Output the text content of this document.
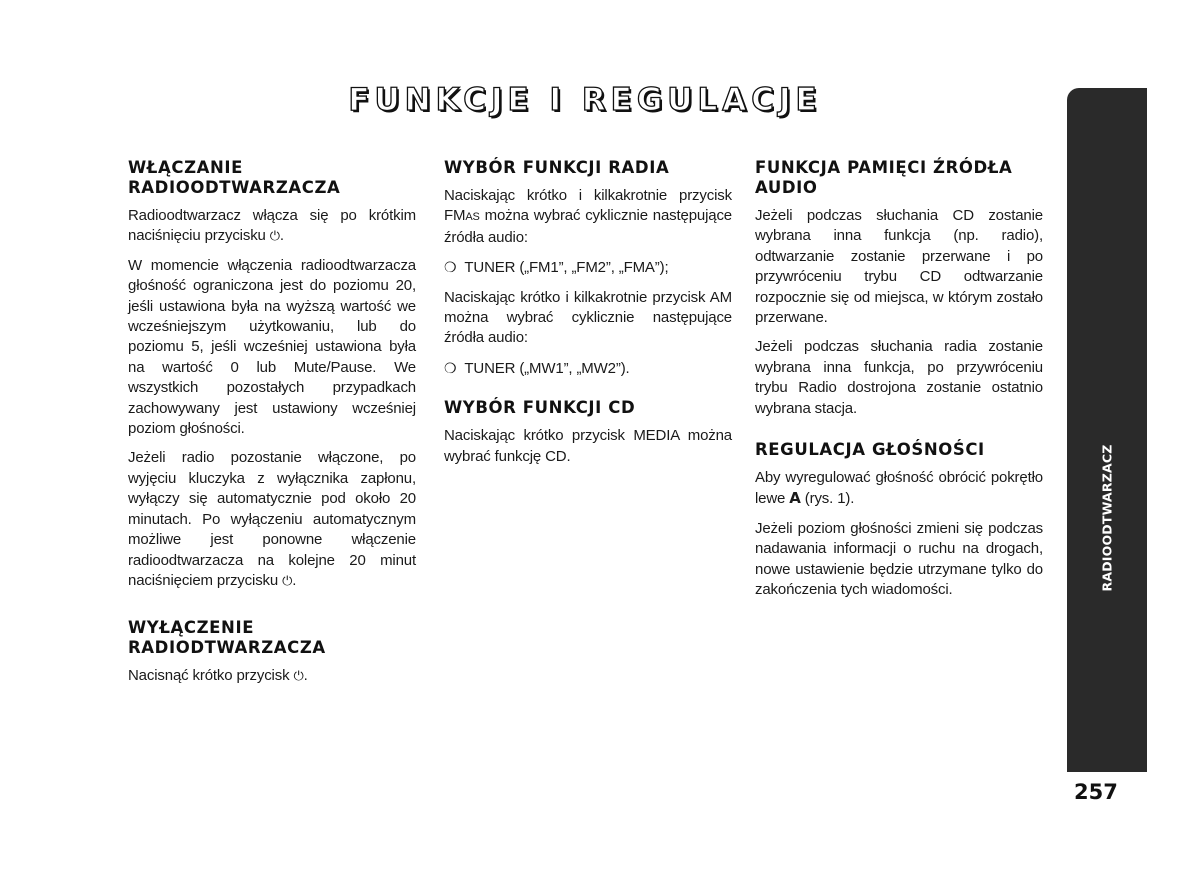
FUNKCJE I REGULACJE
WŁĄCZANIE RADIOODTWARZACZA

Radioodtwarzacz włącza się po krótkim naciśnięciu przycisku ⏻.

W momencie włączenia radioodtwarzacza głośność ograniczona jest do poziomu 20, jeśli ustawiona była na wyższą wartość we wcześniejszym użytkowaniu, lub do poziomu 5, jeśli wcześniej ustawiona była na wartość 0 lub Mute/Pause. We wszystkich pozostałych przypadkach zachowywany jest ustawiony wcześniej poziom głośności.

Jeżeli radio pozostanie włączone, po wyjęciu kluczyka z wyłącznika zapłonu, wyłączy się automatycznie pod około 20 minutach. Po wyłączeniu automatycznym możliwe jest ponowne włączenie radioodtwarzacza na kolejne 20 minut naciśnięciem przycisku ⏻.

WYŁĄCZENIE RADIODTWARZACZA

Nacisnąć krótko przycisk ⏻.

WYBÓR FUNKCJI RADIA

Naciskając krótko i kilkakrotnie przycisk FMAS można wybrać cyklicznie następujące źródła audio:

❍ TUNER („FM1”, „FM2”, „FMA”);

Naciskając krótko i kilkakrotnie przycisk AM można wybrać cyklicznie następujące źródła audio:

❍ TUNER („MW1”, „MW2”).

WYBÓR FUNKCJI CD

Naciskając krótko przycisk MEDIA można wybrać funkcję CD.

FUNKCJA PAMIĘCI ŹRÓDŁA AUDIO

Jeżeli podczas słuchania CD zostanie wybrana inna funkcja (np. radio), odtwarzanie zostanie przerwane i po przywróceniu trybu CD odtwarzanie rozpocznie się od miejsca, w którym zostało przerwane.

Jeżeli podczas słuchania radia zostanie wybrana inna funkcja, po przywróceniu trybu Radio dostrojona zostanie ostatnio wybrana stacja.

REGULACJA GŁOŚNOŚCI

Aby wyregulować głośność obrócić pokrętło lewe A (rys. 1).

Jeżeli poziom głośności zmieni się podczas nadawania informacji o ruchu na drogach, nowe ustawienie będzie utrzymane tylko do zakończenia tych wiadomości.	RADIOODTWARZACZ
257
